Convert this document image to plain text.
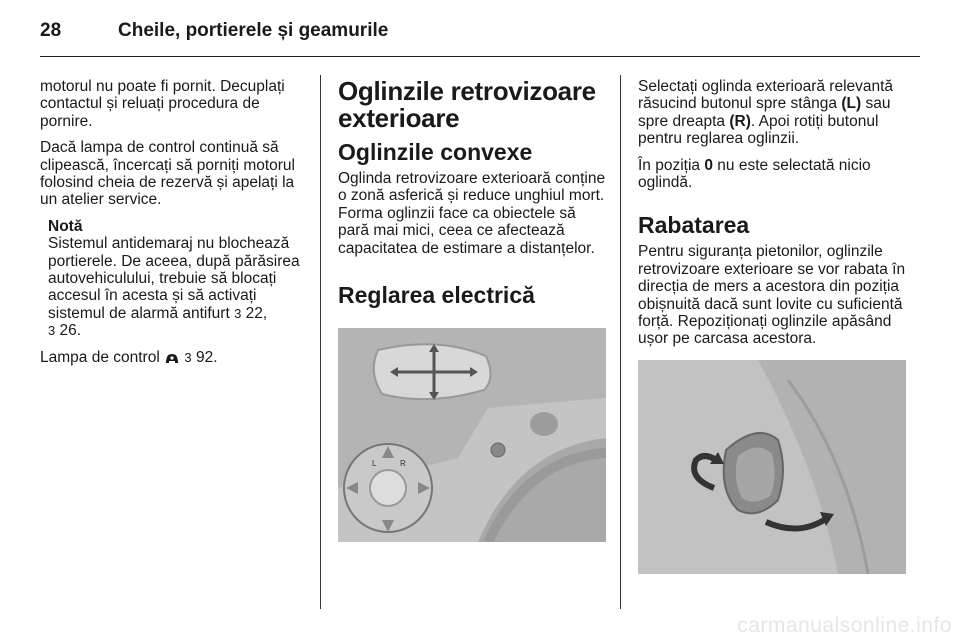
28	Cheile, portierele și geamurile

motorul nu poate fi pornit. Decuplați contactul și reluați procedura de pornire.

Dacă lampa de control continuă să clipească, încercați să porniți motorul folosind cheia de rezervă și apelați la un atelier service.

Notă
Sistemul antidemaraj nu blochează portierele. De aceea, după părăsirea autovehiculului, trebuie să blocați accesul în acesta și să activați sistemul de alarmă antifurt 3 22,
3 26.

Lampa de control 3 92.

Oglinzile retrovizoare exterioare
Oglinzile convexe

Oglinda retrovizoare exterioară conține o zonă asferică și reduce unghiul mort. Forma oglinzii face ca obiectele să pară mai mici, ceea ce afectează capacitatea de estimare a distanțelor.

Reglarea electrică
L	R

Selectați oglinda exterioară relevantă răsucind butonul spre stânga (L) sau spre dreapta (R). Apoi rotiți butonul pentru reglarea oglinzii.

În poziția 0 nu este selectată nicio oglindă.

Rabatarea

Pentru siguranța pietonilor, oglinzile retrovizoare exterioare se vor rabata în direcția de mers a acestora din poziția obișnuită dacă sunt lovite cu suficientă forță. Repoziționați oglinzile apăsând ușor pe carcasa acestora.

carmanualsonline.info
